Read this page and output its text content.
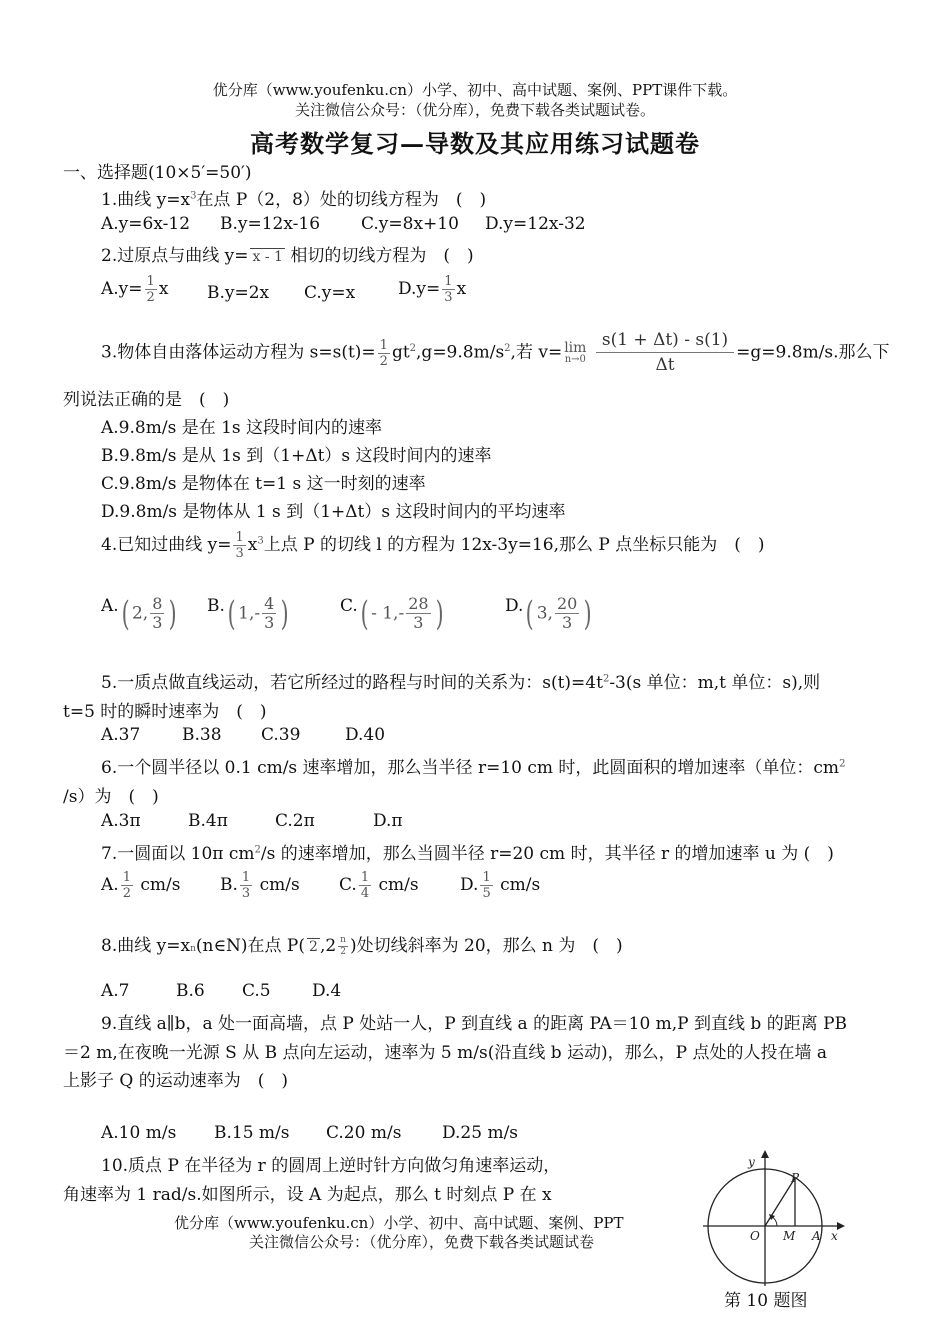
优分库（www.youfenku.cn）小学、初中、高中试题、案例、PPT课件下载。
关注微信公众号：（优分库），免费下载各类试题试卷。
高考数学复习—导数及其应用练习试题卷
一、选择题(10×5′=50′)
1.曲线 $y=x^3$在点 P（2，8）处的切线方程为　(　)
A.y=6x-12 B.y=12x-16 C.y=8x+10 D.y=12x-32
2.过原点与曲线 y= x - 1 相切的切线方程为　(　)
$A.y= \frac{1}{2}$ x B.y=2x C.y=x	$D.y= \frac{1}{3}$ x
3.物体自由落体运动方程为 $s=s(t)= \frac{1}{2} gt^2,g=9.8m/s^2$,若 v= lim
n→0
$\frac{s(1 + \Delta t) - s(1)}{\Delta t} =g=9.8m/s$.那么下
列说法正确的是　(　)
A.9.8m/s 是在 1s 这段时间内的速率
B.9.8m/s 是从 1s 到（1+Δt）s 这段时间内的速率
C.9.8m/s 是物体在 t=1 s 这一时刻的速率
D.9.8m/s 是物体从 1 s 到（1+Δt）s 这段时间内的平均速率
4.已知过曲线 $y= \frac{1}{3} x^3$上点 P 的切线 l 的方程为 12x-3y=16,那么 P 点坐标只能为　(　)
A.( 2, $\frac{8}{3}$ ) B.( $1,- \frac{4}{3}$ )	$C.( - 1,- \frac{28}{3}$ )	D.( 3, $\frac{20}{3}$ )
5.一质点做直线运动，若它所经过的路程与时间的关系为：$s(t)=4t^2-3(s$ 单位：m,t 单位：s),则
t=5 时的瞬时速率为　(　)
A.37 B.38 C.39	D.40
6.一个圆半径以 0.1 cm/s 速率增加，那么当半径 r=10 cm 时，此圆面积的增加速率（单位：$cm^2$
/s）为　(　)
A.3π	B.4π	C.2π	D.π
7.一圆面以 10π $cm^2/s$ 的速率增加，那么当圆半径 r=20 cm 时，其半径 r 的增加速率 u 为 (　)
A. $\frac{1}{2} cm/s$ B. $\frac{1}{3} cm/s$ C. $\frac{1}{4} cm/s$ D. $\frac{1}{5} cm/s$
8.曲线 y=xn(n∈N)在点 P( 2 $,2 \frac{n}{2}$ )处切线斜率为 20，那么 n 为　(　)
A.7	B.6 C.5 D.4
9.直线 a∥b，a 处一面高墙，点 P 处站一人，P 到直线 a 的距离 PA＝10 m,P 到直线 b 的距离 PB
＝2 m,在夜晚一光源 S 从 B 点向左运动，速率为 5 m/s(沿直线 b 运动)，那么，P 点处的人投在墙 a
上影子 Q 的运动速率为　(　)
A.10 m/s B.15 m/s C.20 m/s D.25 m/s
10.质点 P 在半径为 r 的圆周上逆时针方向做匀角速率运动，
角速率为 1 rad/s.如图所示，设 A 为起点，那么 t 时刻点 P 在 x
优分库（www.youfenku.cn）小学、初中、高中试题、案例、PPT
关注微信公众号：（优分库），免费下载各类试题试卷
y
P
O M A x
第 10 题图
